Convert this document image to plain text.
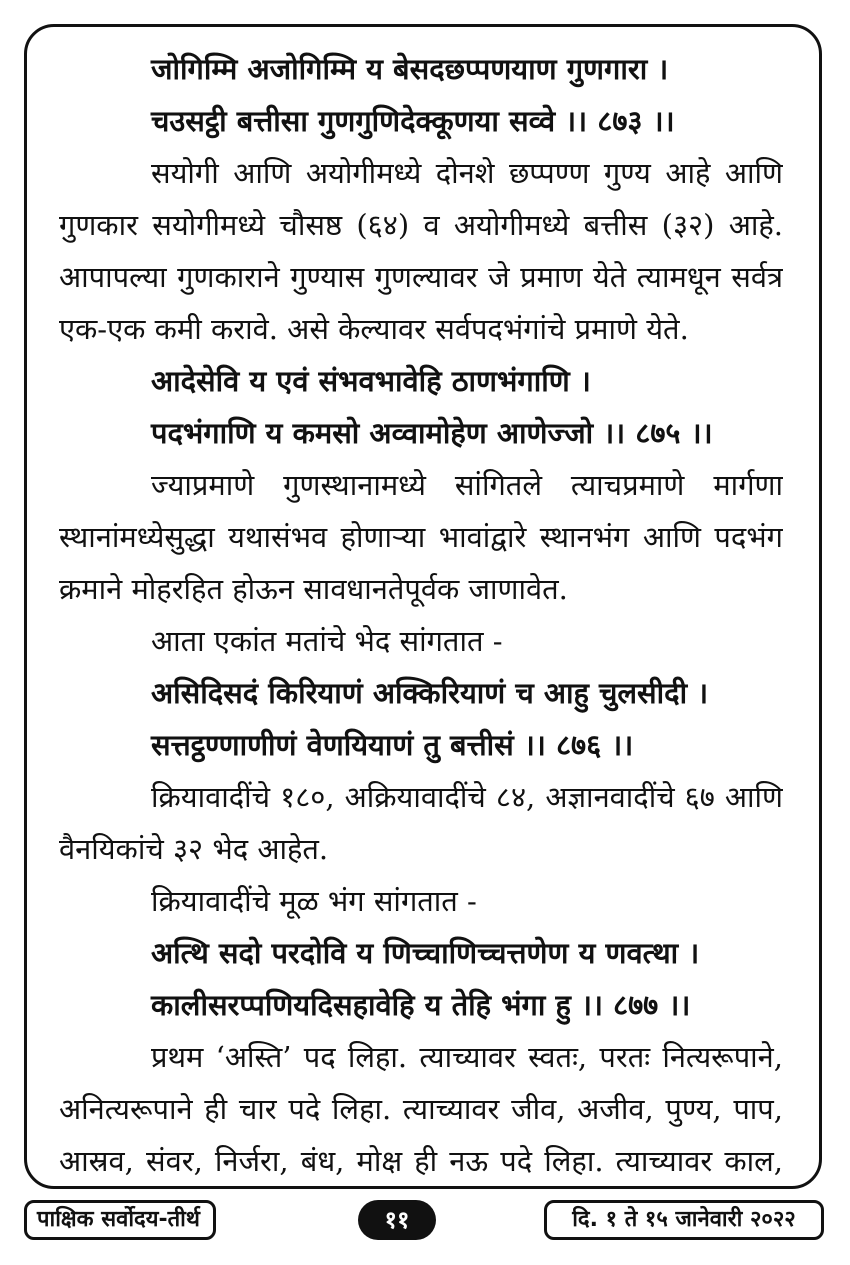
जोगिम्मि अजोगिम्मि य बेसदछप्पणयाण गुणगारा ।

चउसट्ठी बत्तीसा गुणगुणिदेक्कूणया सव्वे ।। ८७३ ।।

सयोगी आणि अयोगीमध्ये दोनशे छप्पण्ण गुण्य आहे आणि

गुणकार सयोगीमध्ये चौसष्ठ (६४) व अयोगीमध्ये बत्तीस (३२) आहे.

आपापल्या गुणकाराने गुण्यास गुणल्यावर जे प्रमाण येते त्यामधून सर्वत्र

एक-एक कमी करावे. असे केल्यावर सर्वपदभंगांचे प्रमाणे येते.

आदेसेवि य एवं संभवभावेहि ठाणभंगाणि ।

पदभंगाणि य कमसो अव्वामोहेण आणेज्जो ।। ८७५ ।।

ज्याप्रमाणे गुणस्थानामध्ये सांगितले त्याचप्रमाणे मार्गणा

स्थानांमध्येसुद्धा यथासंभव होणाऱ्या भावांद्वारे स्थानभंग आणि पदभंग

क्रमाने मोहरहित होऊन सावधानतेपूर्वक जाणावेत.

आता एकांत मतांचे भेद सांगतात -

असिदिसदं किरियाणं अक्किरियाणं च आहु चुलसीदी ।

सत्तट्ठण्णाणीणं वेणयियाणं तु बत्तीसं ।। ८७६ ।।

क्रियावादींचे १८०, अक्रियावादींचे ८४, अज्ञानवादींचे ६७ आणि

वैनयिकांचे ३२ भेद आहेत.

क्रियावादींचे मूळ भंग सांगतात -

अत्थि सदो परदोवि य णिच्चाणिच्चत्तणेण य णवत्था ।

कालीसरप्पणियदिसहावेहि य तेहि भंगा हु ।। ८७७ ।।

प्रथम ‘अस्ति’ पद लिहा. त्याच्यावर स्वतः, परतः नित्यरूपाने,

अनित्यरूपाने ही चार पदे लिहा. त्याच्यावर जीव, अजीव, पुण्य, पाप,

आस्रव, संवर, निर्जरा, बंध, मोक्ष ही नऊ पदे लिहा. त्याच्यावर काल,

पाक्षिक सर्वोदय-तीर्थ	११	दि. १ ते १५ जानेवारी २०२२
